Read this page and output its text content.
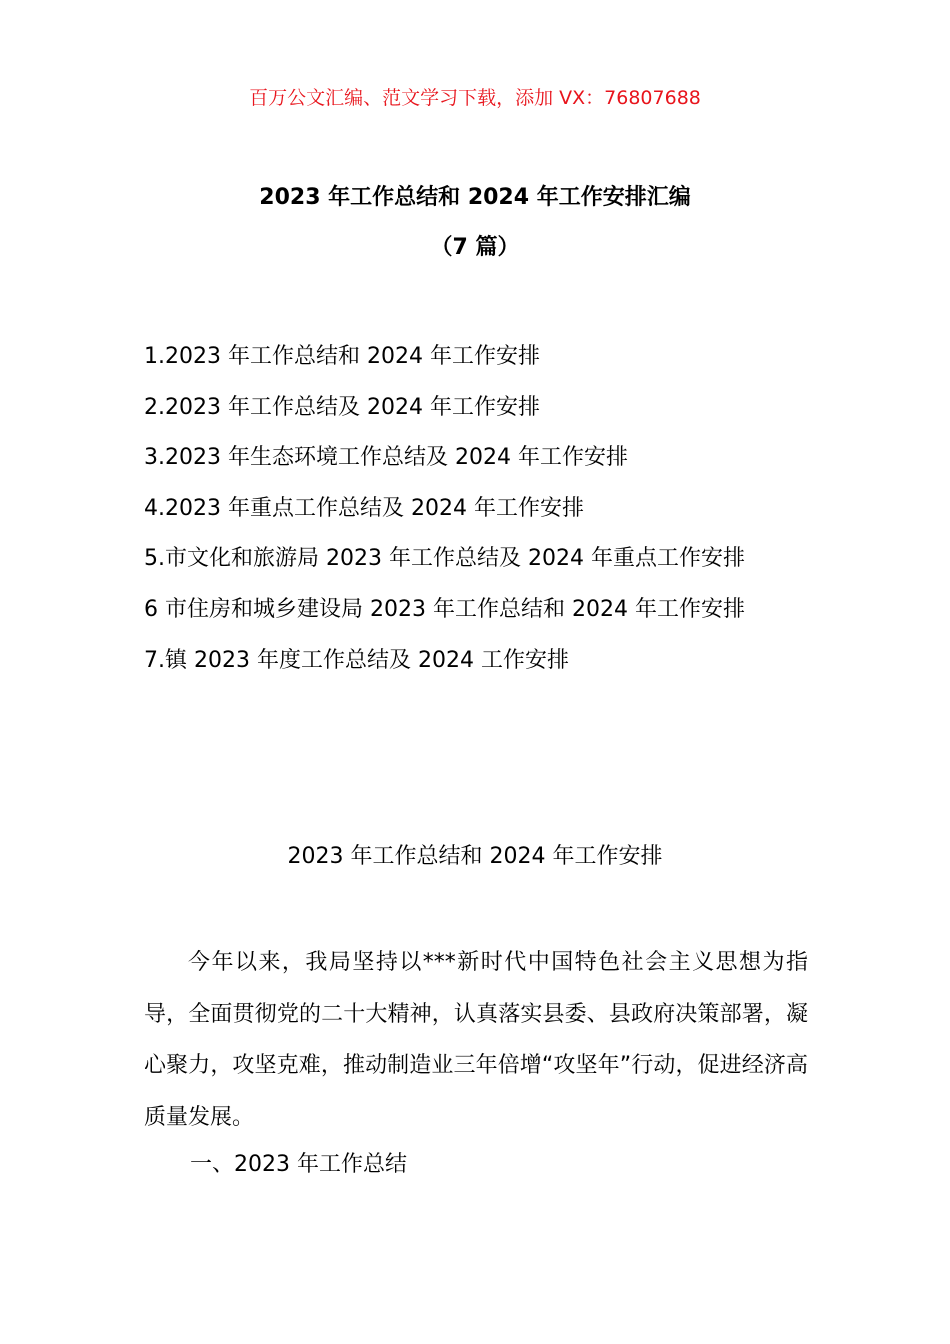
百万公文汇编、范文学习下载，添加 VX：76807688
2023 年工作总结和 2024 年工作安排汇编
（7 篇）
1.2023 年工作总结和 2024 年工作安排
2.2023 年工作总结及 2024 年工作安排
3.2023 年生态环境工作总结及 2024 年工作安排
4.2023 年重点工作总结及 2024 年工作安排
5.市文化和旅游局 2023 年工作总结及 2024 年重点工作安排
6 市住房和城乡建设局 2023 年工作总结和 2024 年工作安排
7.镇 2023 年度工作总结及 2024 工作安排
2023 年工作总结和 2024 年工作安排

今年以来，我局坚持以***新时代中国特色社会主义思想为指导，全面贯彻党的二十大精神，认真落实县委、县政府决策部署，凝心聚力，攻坚克难，推动制造业三年倍增“攻坚年”行动，促进经济高质量发展。

一、2023 年工作总结
